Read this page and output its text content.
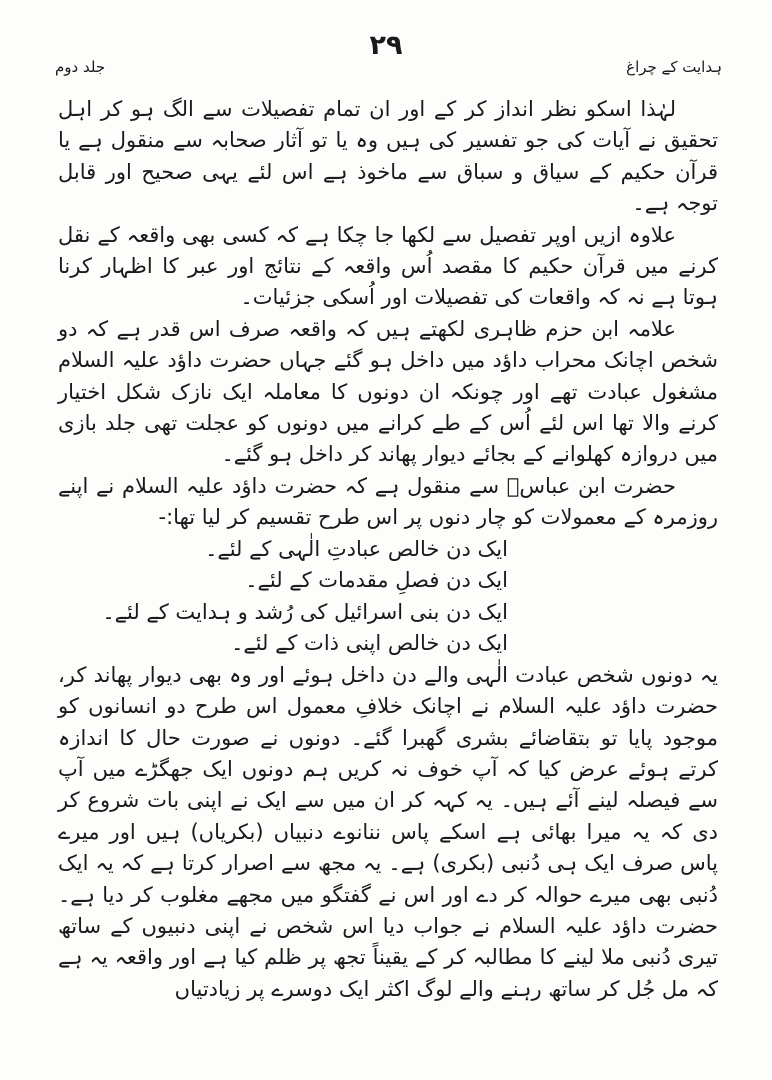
۲۹
ہدایت کے چراغ
جلد دوم

لہٰذا اسکو نظر انداز کر کے اور ان تمام تفصیلات سے الگ ہو کر اہل تحقیق نے آیات کی جو تفسیر کی ہیں وہ یا تو آثار صحابہ سے منقول ہے یا قرآن حکیم کے سیاق و سباق سے ماخوذ ہے اس لئے یہی صحیح اور قابل توجہ ہے۔

علاوہ ازیں اوپر تفصیل سے لکھا جا چکا ہے کہ کسی بھی واقعہ کے نقل کرنے میں قرآن حکیم کا مقصد اُس واقعہ کے نتائج اور عبر کا اظہار کرنا ہوتا ہے نہ کہ واقعات کی تفصیلات اور اُسکی جزئیات۔

علامہ ابن حزم ظاہری لکھتے ہیں کہ واقعہ صرف اس قدر ہے کہ دو شخص اچانک محراب داؤد میں داخل ہو گئے جہاں حضرت داؤد علیہ السلام مشغول عبادت تھے اور چونکہ ان دونوں کا معاملہ ایک نازک شکل اختیار کرنے والا تھا اس لئے اُس کے طے کرانے میں دونوں کو عجلت تھی جلد بازی میں دروازہ کھلوانے کے بجائے دیوار پھاند کر داخل ہو گئے۔

حضرت ابن عباسؓ سے منقول ہے کہ حضرت داؤد علیہ السلام نے اپنے روزمرہ کے معمولات کو چار دنوں پر اس طرح تقسیم کر لیا تھا:-

ایک دن خالص عبادتِ الٰہی کے لئے۔
ایک دن فصلِ مقدمات کے لئے۔
ایک دن بنی اسرائیل کی رُشد و ہدایت کے لئے۔
ایک دن خالص اپنی ذات کے لئے۔

یہ دونوں شخص عبادت الٰہی والے دن داخل ہوئے اور وہ بھی دیوار پھاند کر، حضرت داؤد علیہ السلام نے اچانک خلافِ معمول اس طرح دو انسانوں کو موجود پایا تو بتقاضائے بشری گھبرا گئے۔ دونوں نے صورت حال کا اندازہ کرتے ہوئے عرض کیا کہ آپ خوف نہ کریں ہم دونوں ایک جھگڑے میں آپ سے فیصلہ لینے آئے ہیں۔ یہ کہہ کر ان میں سے ایک نے اپنی بات شروع کر دی کہ یہ میرا بھائی ہے اسکے پاس ننانوے دنبیاں (بکریاں) ہیں اور میرے پاس صرف ایک ہی دُنبی (بکری) ہے۔ یہ مجھ سے اصرار کرتا ہے کہ یہ ایک دُنبی بھی میرے حوالہ کر دے اور اس نے گفتگو میں مجھے مغلوب کر دیا ہے۔ حضرت داؤد علیہ السلام نے جواب دیا اس شخص نے اپنی دنبیوں کے ساتھ تیری دُنبی ملا لینے کا مطالبہ کر کے یقیناً تجھ پر ظلم کیا ہے اور واقعہ یہ ہے کہ مل جُل کر ساتھ رہنے والے لوگ اکثر ایک دوسرے پر زیادتیاں
